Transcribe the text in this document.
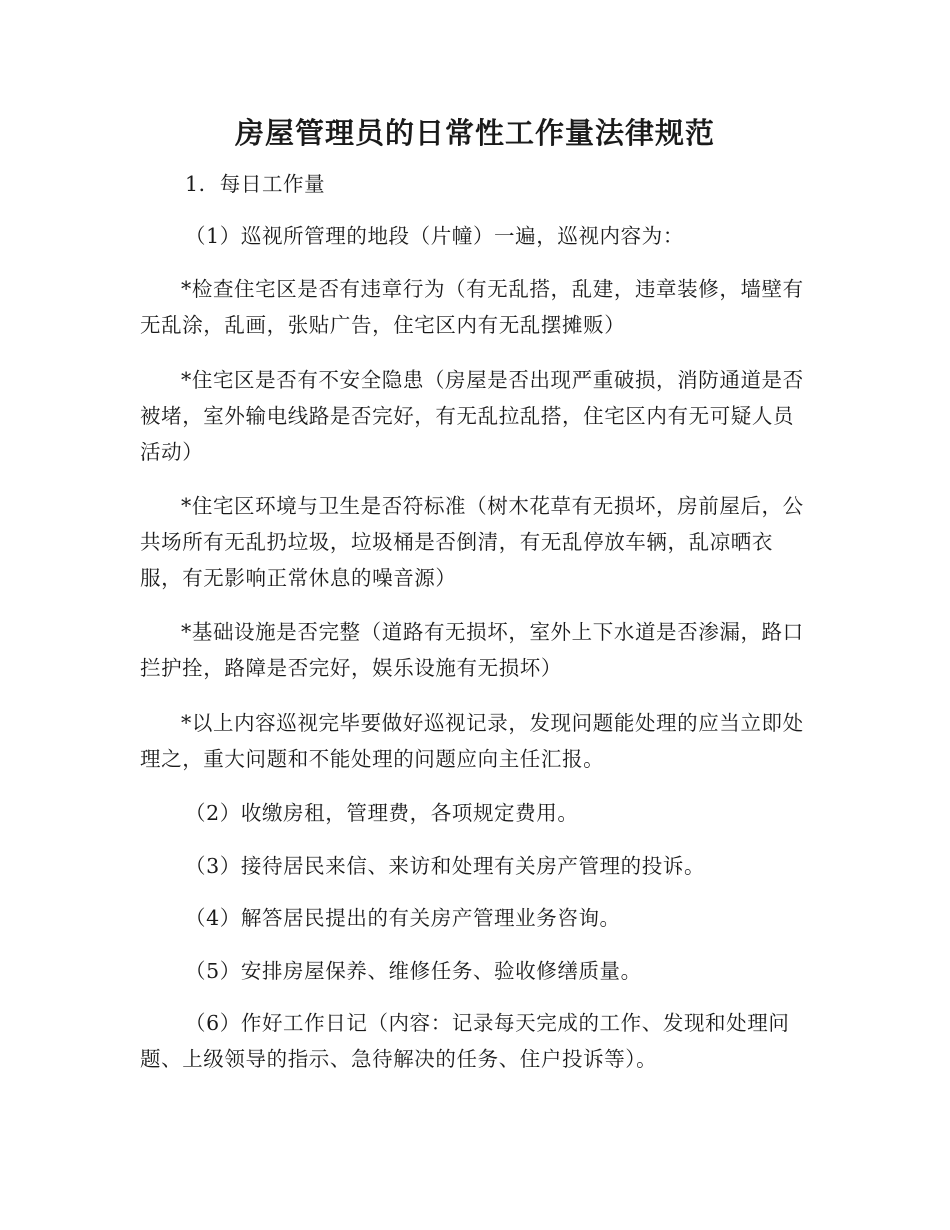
房屋管理员的日常性工作量法律规范

1．每日工作量

（1）巡视所管理的地段（片幢）一遍，巡视内容为：

*检查住宅区是否有违章行为（有无乱搭，乱建，违章装修，墙壁有无乱涂，乱画，张贴广告，住宅区内有无乱摆摊贩）

*住宅区是否有不安全隐患（房屋是否出现严重破损，消防通道是否被堵，室外输电线路是否完好，有无乱拉乱搭，住宅区内有无可疑人员活动）

*住宅区环境与卫生是否符标准（树木花草有无损坏，房前屋后，公共场所有无乱扔垃圾，垃圾桶是否倒清，有无乱停放车辆，乱凉晒衣服，有无影响正常休息的噪音源）

*基础设施是否完整（道路有无损坏，室外上下水道是否渗漏，路口拦护拴，路障是否完好，娱乐设施有无损坏）

*以上内容巡视完毕要做好巡视记录，发现问题能处理的应当立即处理之，重大问题和不能处理的问题应向主任汇报。

（2）收缴房租，管理费，各项规定费用。

（3）接待居民来信、来访和处理有关房产管理的投诉。

（4）解答居民提出的有关房产管理业务咨询。

（5）安排房屋保养、维修任务、验收修缮质量。

（6）作好工作日记（内容：记录每天完成的工作、发现和处理问题、上级领导的指示、急待解决的任务、住户投诉等）。
